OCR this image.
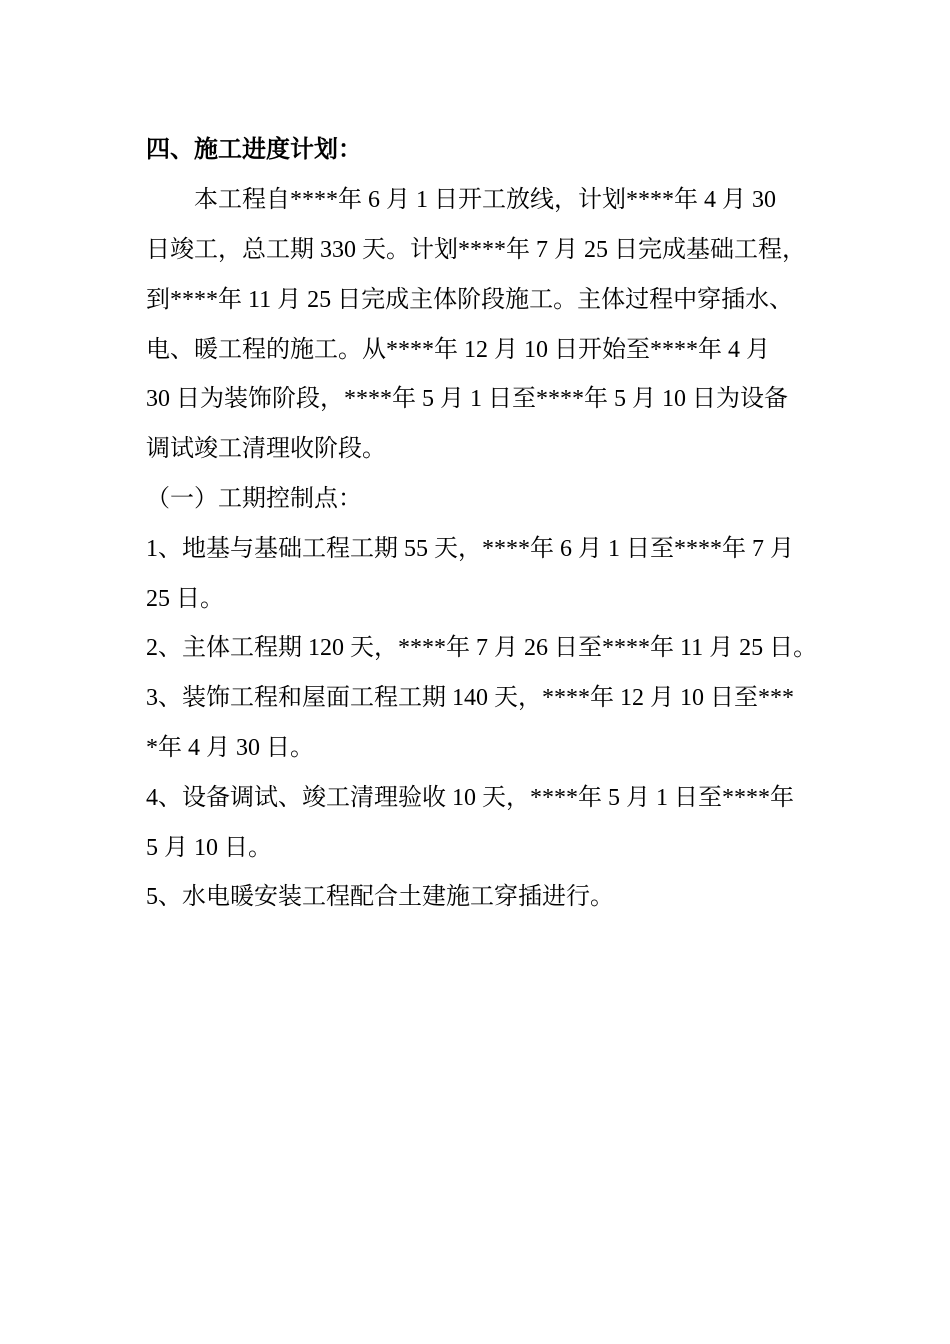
四、施工进度计划：
　　本工程自****年 6 月 1 日开工放线，计划****年 4 月 30
日竣工，总工期 330 天。计划****年 7 月 25 日完成基础工程，
到****年 11 月 25 日完成主体阶段施工。主体过程中穿插水、
电、暖工程的施工。从****年 12 月 10 日开始至****年 4 月
30 日为装饰阶段，****年 5 月 1 日至****年 5 月 10 日为设备
调试竣工清理收阶段。
（一）工期控制点：
1、地基与基础工程工期 55 天，****年 6 月 1 日至****年 7 月
25 日。
2、主体工程期 120 天，****年 7 月 26 日至****年 11 月 25 日。
3、装饰工程和屋面工程工期 140 天，****年 12 月 10 日至***
*年 4 月 30 日。
4、设备调试、竣工清理验收 10 天，****年 5 月 1 日至****年
5 月 10 日。
5、水电暖安装工程配合土建施工穿插进行。
